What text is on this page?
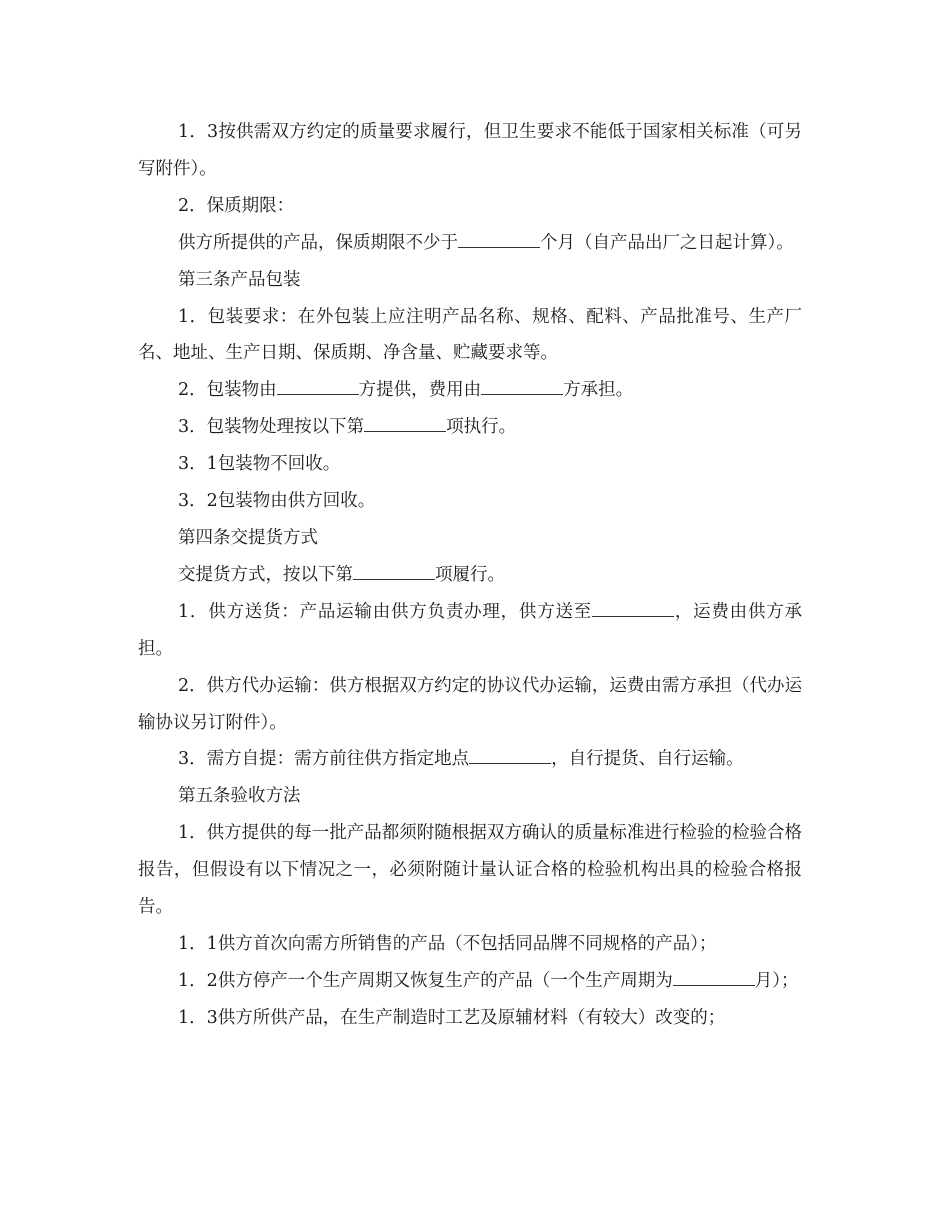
1．3按供需双方约定的质量要求履行，但卫生要求不能低于国家相关标准（可另写附件）。

2．保质期限：

供方所提供的产品，保质期限不少于	个月（自产品出厂之日起计算）。

第三条产品包装

1．包装要求：在外包装上应注明产品名称、规格、配料、产品批准号、生产厂名、地址、生产日期、保质期、净含量、贮藏要求等。

2．包装物由	方提供，费用由	方承担。

3．包装物处理按以下第	项执行。

3．1包装物不回收。

3．2包装物由供方回收。

第四条交提货方式

交提货方式，按以下第	项履行。

1．供方送货：产品运输由供方负责办理，供方送至	，运费由供方承担。

2．供方代办运输：供方根据双方约定的协议代办运输，运费由需方承担（代办运输协议另订附件）。

3．需方自提：需方前往供方指定地点	，自行提货、自行运输。

第五条验收方法

1．供方提供的每一批产品都须附随根据双方确认的质量标准进行检验的检验合格报告，但假设有以下情况之一，必须附随计量认证合格的检验机构出具的检验合格报告。

1．1供方首次向需方所销售的产品（不包括同品牌不同规格的产品）；

1．2供方停产一个生产周期又恢复生产的产品（一个生产周期为	月）；

1．3供方所供产品，在生产制造时工艺及原辅材料（有较大）改变的；
